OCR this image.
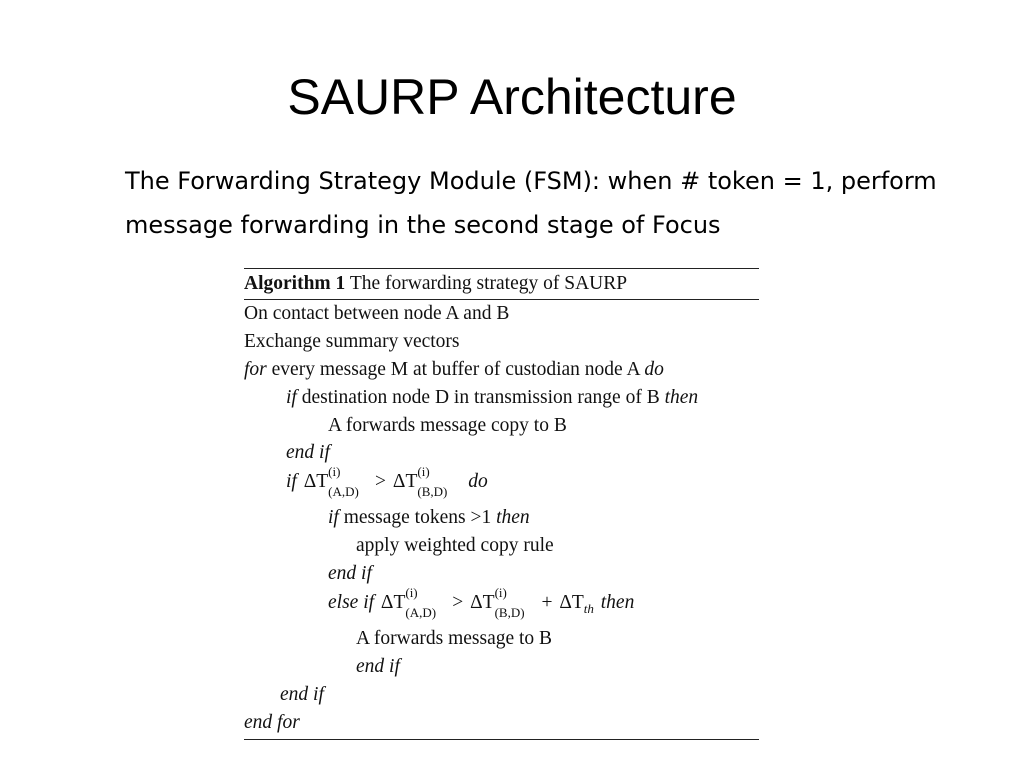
SAURP Architecture
The Forwarding Strategy Module (FSM): when # token = 1, perform
message forwarding in the second stage of Focus
Algorithm 1 The forwarding strategy of SAURP
On contact between node A and B
Exchange summary vectors
for every message M at buffer of custodian node A do
if destination node D in transmission range of B then
A forwards message copy to B
end if
if ΔT (i)
(A,D) > ΔT (i)
(B,D) do
if message tokens >1 then
apply weighted copy rule
end if
else if ΔT (i)
(A,D) > ΔT (i)
$(B,D) + \Delta T_{th}$ then
A forwards message to B
end if
end if
end for
